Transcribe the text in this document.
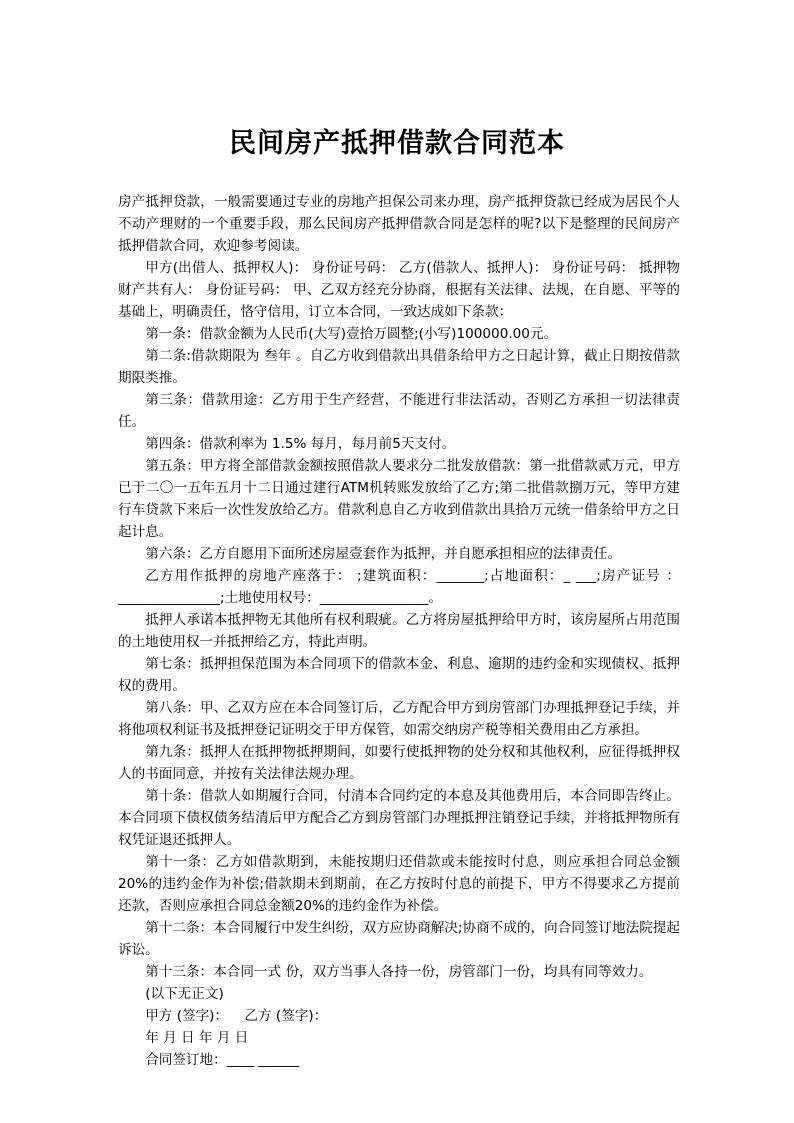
民间房产抵押借款合同范本

房产抵押贷款，一般需要通过专业的房地产担保公司来办理，房产抵押贷款已经成为居民个人不动产理财的一个重要手段，那么民间房产抵押借款合同是怎样的呢?以下是整理的民间房产抵押借款合同，欢迎参考阅读。

甲方(出借人、抵押权人)： 身份证号码： 乙方(借款人、抵押人)： 身份证号码： 抵押物财产共有人： 身份证号码： 甲、乙双方经充分协商，根据有关法律、法规，在自愿、平等的基础上，明确责任，恪守信用，订立本合同，一致达成如下条款：

第一条：借款金额为人民币(大写)壹拾万圆整;(小写)100000.00元。

第二条:借款期限为 叁年 。自乙方收到借款出具借条给甲方之日起计算，截止日期按借款期限类推。

第三条：借款用途：乙方用于生产经营，不能进行非法活动，否则乙方承担一切法律责任。

第四条：借款利率为 1.5% 每月，每月前5天支付。

第五条：甲方将全部借款金额按照借款人要求分二批发放借款：第一批借款贰万元，甲方已于二〇一五年五月十二日通过建行ATM机转账发放给了乙方;第二批借款捌万元，等甲方建行车贷款下来后一次性发放给乙方。借款利息自乙方收到借款出具拾万元统一借条给甲方之日起计息。

第六条：乙方自愿用下面所述房屋壹套作为抵押，并自愿承担相应的法律责任。

乙方用作抵押的房地产座落于： ;建筑面积：_______;占地面积：_ ___;房产证号 ：_______________;土地使用权号：________________。

抵押人承诺本抵押物无其他所有权利瑕疵。乙方将房屋抵押给甲方时，该房屋所占用范围的土地使用权一并抵押给乙方，特此声明。

第七条：抵押担保范围为本合同项下的借款本金、利息、逾期的违约金和实现债权、抵押权的费用。

第八条：甲、乙双方应在本合同签订后，乙方配合甲方到房管部门办理抵押登记手续，并将他项权利证书及抵押登记证明交于甲方保管，如需交纳房产税等相关费用由乙方承担。

第九条：抵押人在抵押物抵押期间，如要行使抵押物的处分权和其他权利，应征得抵押权人的书面同意，并按有关法律法规办理。

第十条：借款人如期履行合同，付清本合同约定的本息及其他费用后，本合同即告终止。本合同项下债权债务结清后甲方配合乙方到房管部门办理抵押注销登记手续，并将抵押物所有权凭证退还抵押人。

第十一条：乙方如借款期到，未能按期归还借款或未能按时付息，则应承担合同总金额20%的违约金作为补偿;借款期未到期前，在乙方按时付息的前提下，甲方不得要求乙方提前还款，否则应承担合同总金额20%的违约金作为补偿。

第十二条：本合同履行中发生纠纷，双方应协商解决;协商不成的，向合同签订地法院提起诉讼。

第十三条：本合同一式 份，双方当事人各持一份，房管部门一份，均具有同等效力。

(以下无正文)

甲方 (签字)： 乙方 (签字)：

年 月 日 年 月 日

合同签订地：____ ______
